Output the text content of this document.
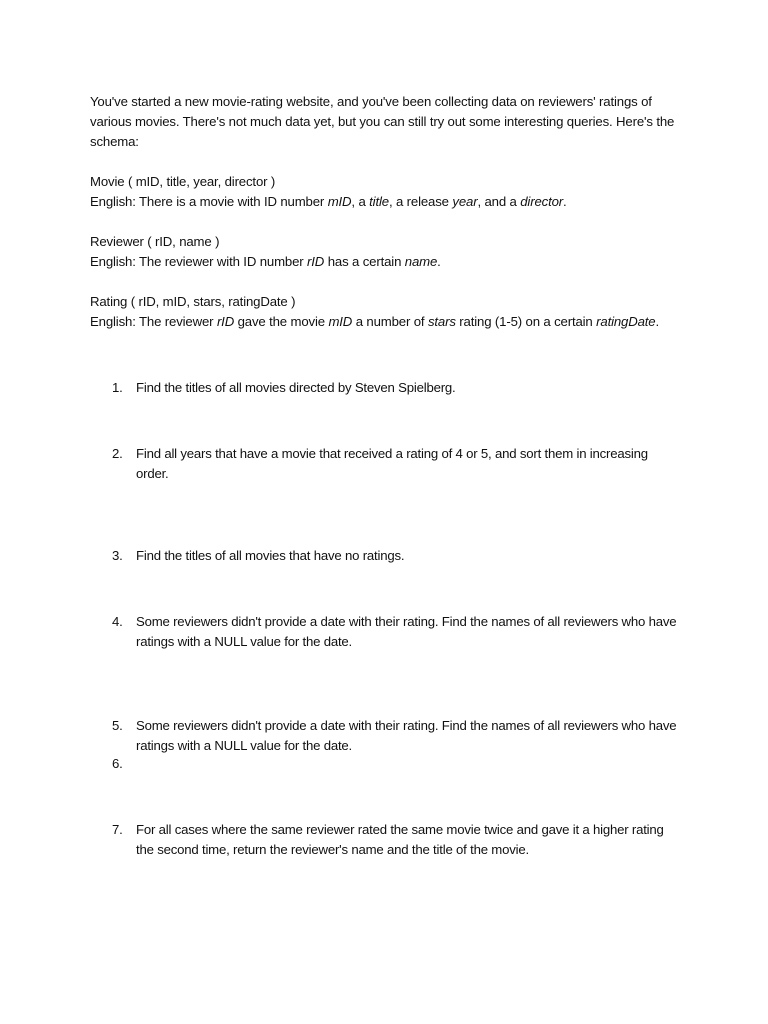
You've started a new movie-rating website, and you've been collecting data on reviewers' ratings of various movies. There's not much data yet, but you can still try out some interesting queries. Here's the schema:

Movie ( mID, title, year, director )
English: There is a movie with ID number mID, a title, a release year, and a director.
Reviewer ( rID, name )
English: The reviewer with ID number rID has a certain name.
Rating ( rID, mID, stars, ratingDate )
English: The reviewer rID gave the movie mID a number of stars rating (1-5) on a certain ratingDate.
1.	Find the titles of all movies directed by Steven Spielberg.
2.	Find all years that have a movie that received a rating of 4 or 5, and sort them in increasing order.
3.	Find the titles of all movies that have no ratings.
4.	Some reviewers didn't provide a date with their rating. Find the names of all reviewers who have ratings with a NULL value for the date.
5.	Some reviewers didn't provide a date with their rating. Find the names of all reviewers who have ratings with a NULL value for the date.
6.
7.	For all cases where the same reviewer rated the same movie twice and gave it a higher rating the second time, return the reviewer's name and the title of the movie.
